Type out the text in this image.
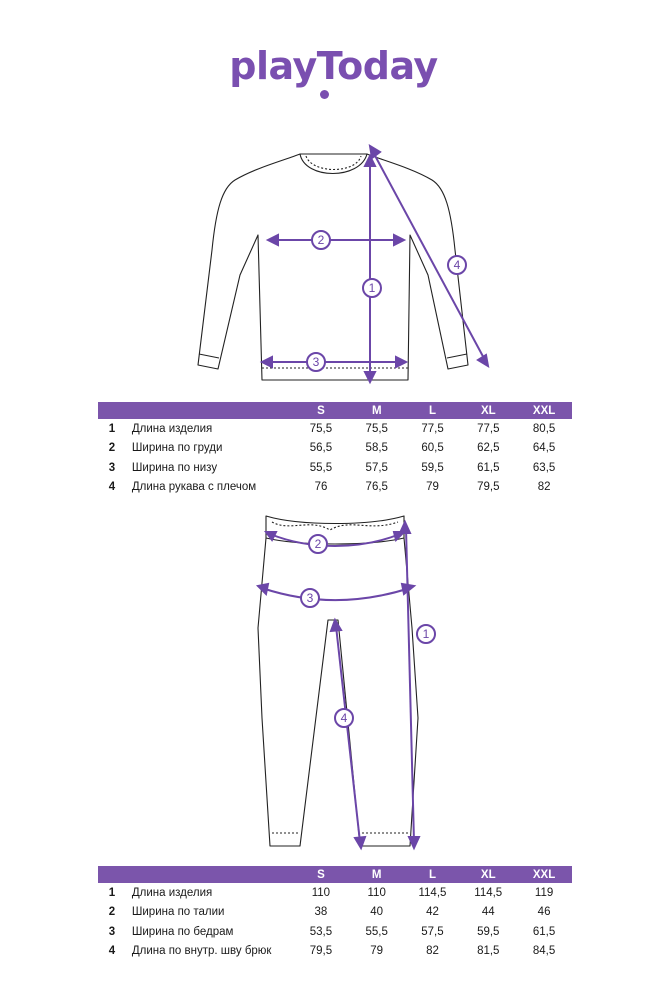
playToday
1
2
3
4
		S	M	L	XL	XXL
1	Длина изделия	75,5	75,5	77,5	77,5	80,5
2	Ширина по груди	56,5	58,5	60,5	62,5	64,5
3	Ширина по низу	55,5	57,5	59,5	61,5	63,5
4	Длина рукава с плечом	76	76,5	79	79,5	82
1
2
3
4
		S	M	L	XL	XXL
1	Длина изделия	110	110	114,5	114,5	119
2	Ширина по талии	38	40	42	44	46
3	Ширина по бедрам	53,5	55,5	57,5	59,5	61,5
4	Длина по внутр. шву брюк	79,5	79	82	81,5	84,5
